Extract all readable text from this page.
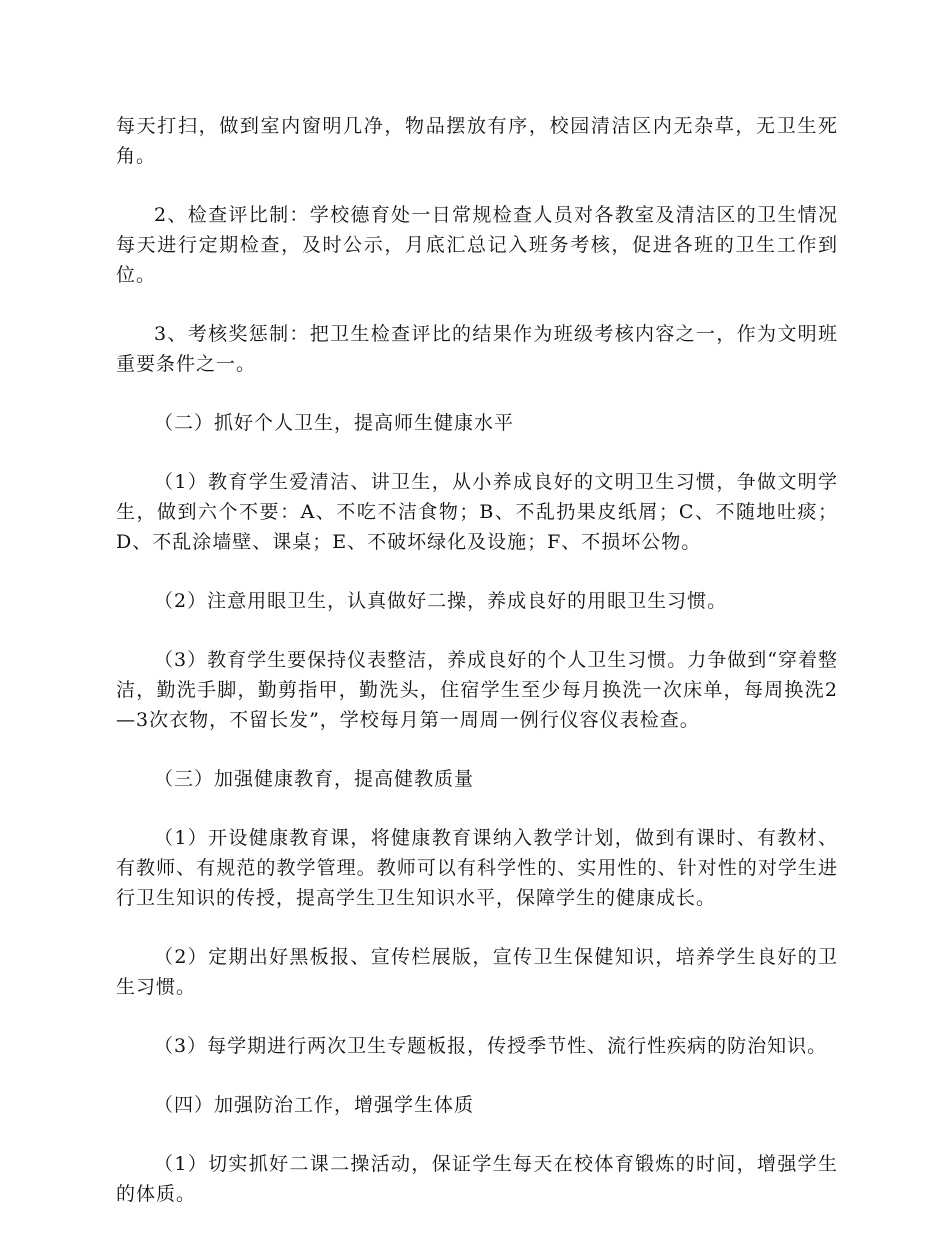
每天打扫，做到室内窗明几净，物品摆放有序，校园清洁区内无杂草，无卫生死角。

2、检查评比制：学校德育处一日常规检查人员对各教室及清洁区的卫生情况每天进行定期检查，及时公示，月底汇总记入班务考核，促进各班的卫生工作到位。

3、考核奖惩制：把卫生检查评比的结果作为班级考核内容之一，作为文明班重要条件之一。

（二）抓好个人卫生，提高师生健康水平

（1）教育学生爱清洁、讲卫生，从小养成良好的文明卫生习惯，争做文明学生，做到六个不要：A、不吃不洁食物；B、不乱扔果皮纸屑；C、不随地吐痰；D、不乱涂墙壁、课桌；E、不破坏绿化及设施；F、不损坏公物。

（2）注意用眼卫生，认真做好二操，养成良好的用眼卫生习惯。

（3）教育学生要保持仪表整洁，养成良好的个人卫生习惯。力争做到“穿着整洁，勤洗手脚，勤剪指甲，勤洗头，住宿学生至少每月换洗一次床单，每周换洗2—3次衣物，不留长发”，学校每月第一周周一例行仪容仪表检查。

（三）加强健康教育，提高健教质量

（1）开设健康教育课，将健康教育课纳入教学计划，做到有课时、有教材、有教师、有规范的教学管理。教师可以有科学性的、实用性的、针对性的对学生进行卫生知识的传授，提高学生卫生知识水平，保障学生的健康成长。

（2）定期出好黑板报、宣传栏展版，宣传卫生保健知识，培养学生良好的卫生习惯。

（3）每学期进行两次卫生专题板报，传授季节性、流行性疾病的防治知识。

（四）加强防治工作，增强学生体质

（1）切实抓好二课二操活动，保证学生每天在校体育锻炼的时间，增强学生的体质。
